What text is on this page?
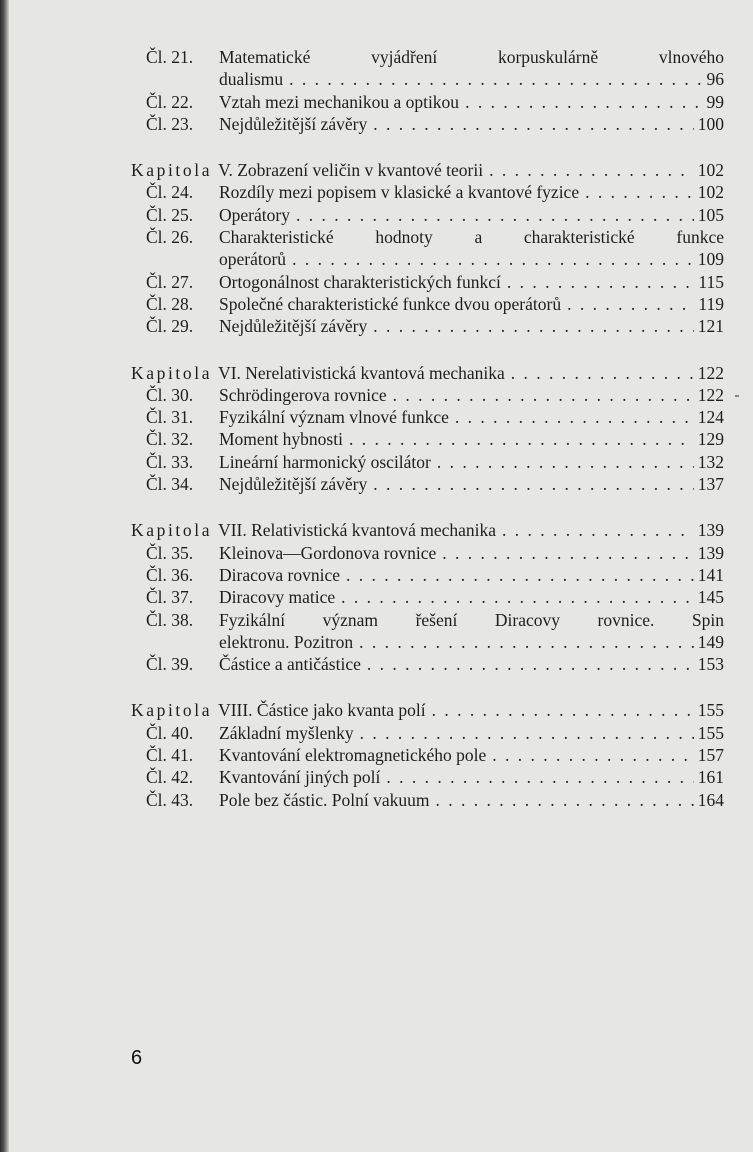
Čl. 21.	Matematické vyjádření korpuskulárně vlnového
dualismu . . .	96
Čl. 22.	Vztah mezi mechanikou a optikou . . .	99
Čl. 23.	Nejdůležitější závěry . . .	100
Kapitola V. Zobrazení veličin v kvantové teorii . . .	102
Čl. 24.	Rozdíly mezi popisem v klasické a kvantové fyzice . . .	102
Čl. 25.	Operátory . . .	105
Čl. 26.	Charakteristické hodnoty a charakteristické funkce
operátorů . . .	109
Čl. 27.	Ortogonálnost charakteristických funkcí . . .	115
Čl. 28.	Společné charakteristické funkce dvou operátorů . . .	119
Čl. 29.	Nejdůležitější závěry . . .	121
Kapitola VI. Nerelativistická kvantová mechanika . . .	122
Čl. 30.	Schrödingerova rovnice . . .	122
Čl. 31.	Fyzikální význam vlnové funkce . . .	124
Čl. 32.	Moment hybnosti . . .	129
Čl. 33.	Lineární harmonický oscilátor . . .	132
Čl. 34.	Nejdůležitější závěry . . .	137
Kapitola VII. Relativistická kvantová mechanika . . .	139
Čl. 35.	Kleinova—Gordonova rovnice . . .	139
Čl. 36.	Diracova rovnice . . .	141
Čl. 37.	Diracovy matice . . .	145
Čl. 38.	Fyzikální význam řešení Diracovy rovnice. Spin
elektronu. Pozitron . . .	149
Čl. 39.	Částice a antičástice . . .	153
Kapitola VIII. Částice jako kvanta polí . . .	155
Čl. 40.	Základní myšlenky . . .	155
Čl. 41.	Kvantování elektromagnetického pole . . .	157
Čl. 42.	Kvantování jiných polí . . .	161
Čl. 43.	Pole bez částic. Polní vakuum . . .	164
6
